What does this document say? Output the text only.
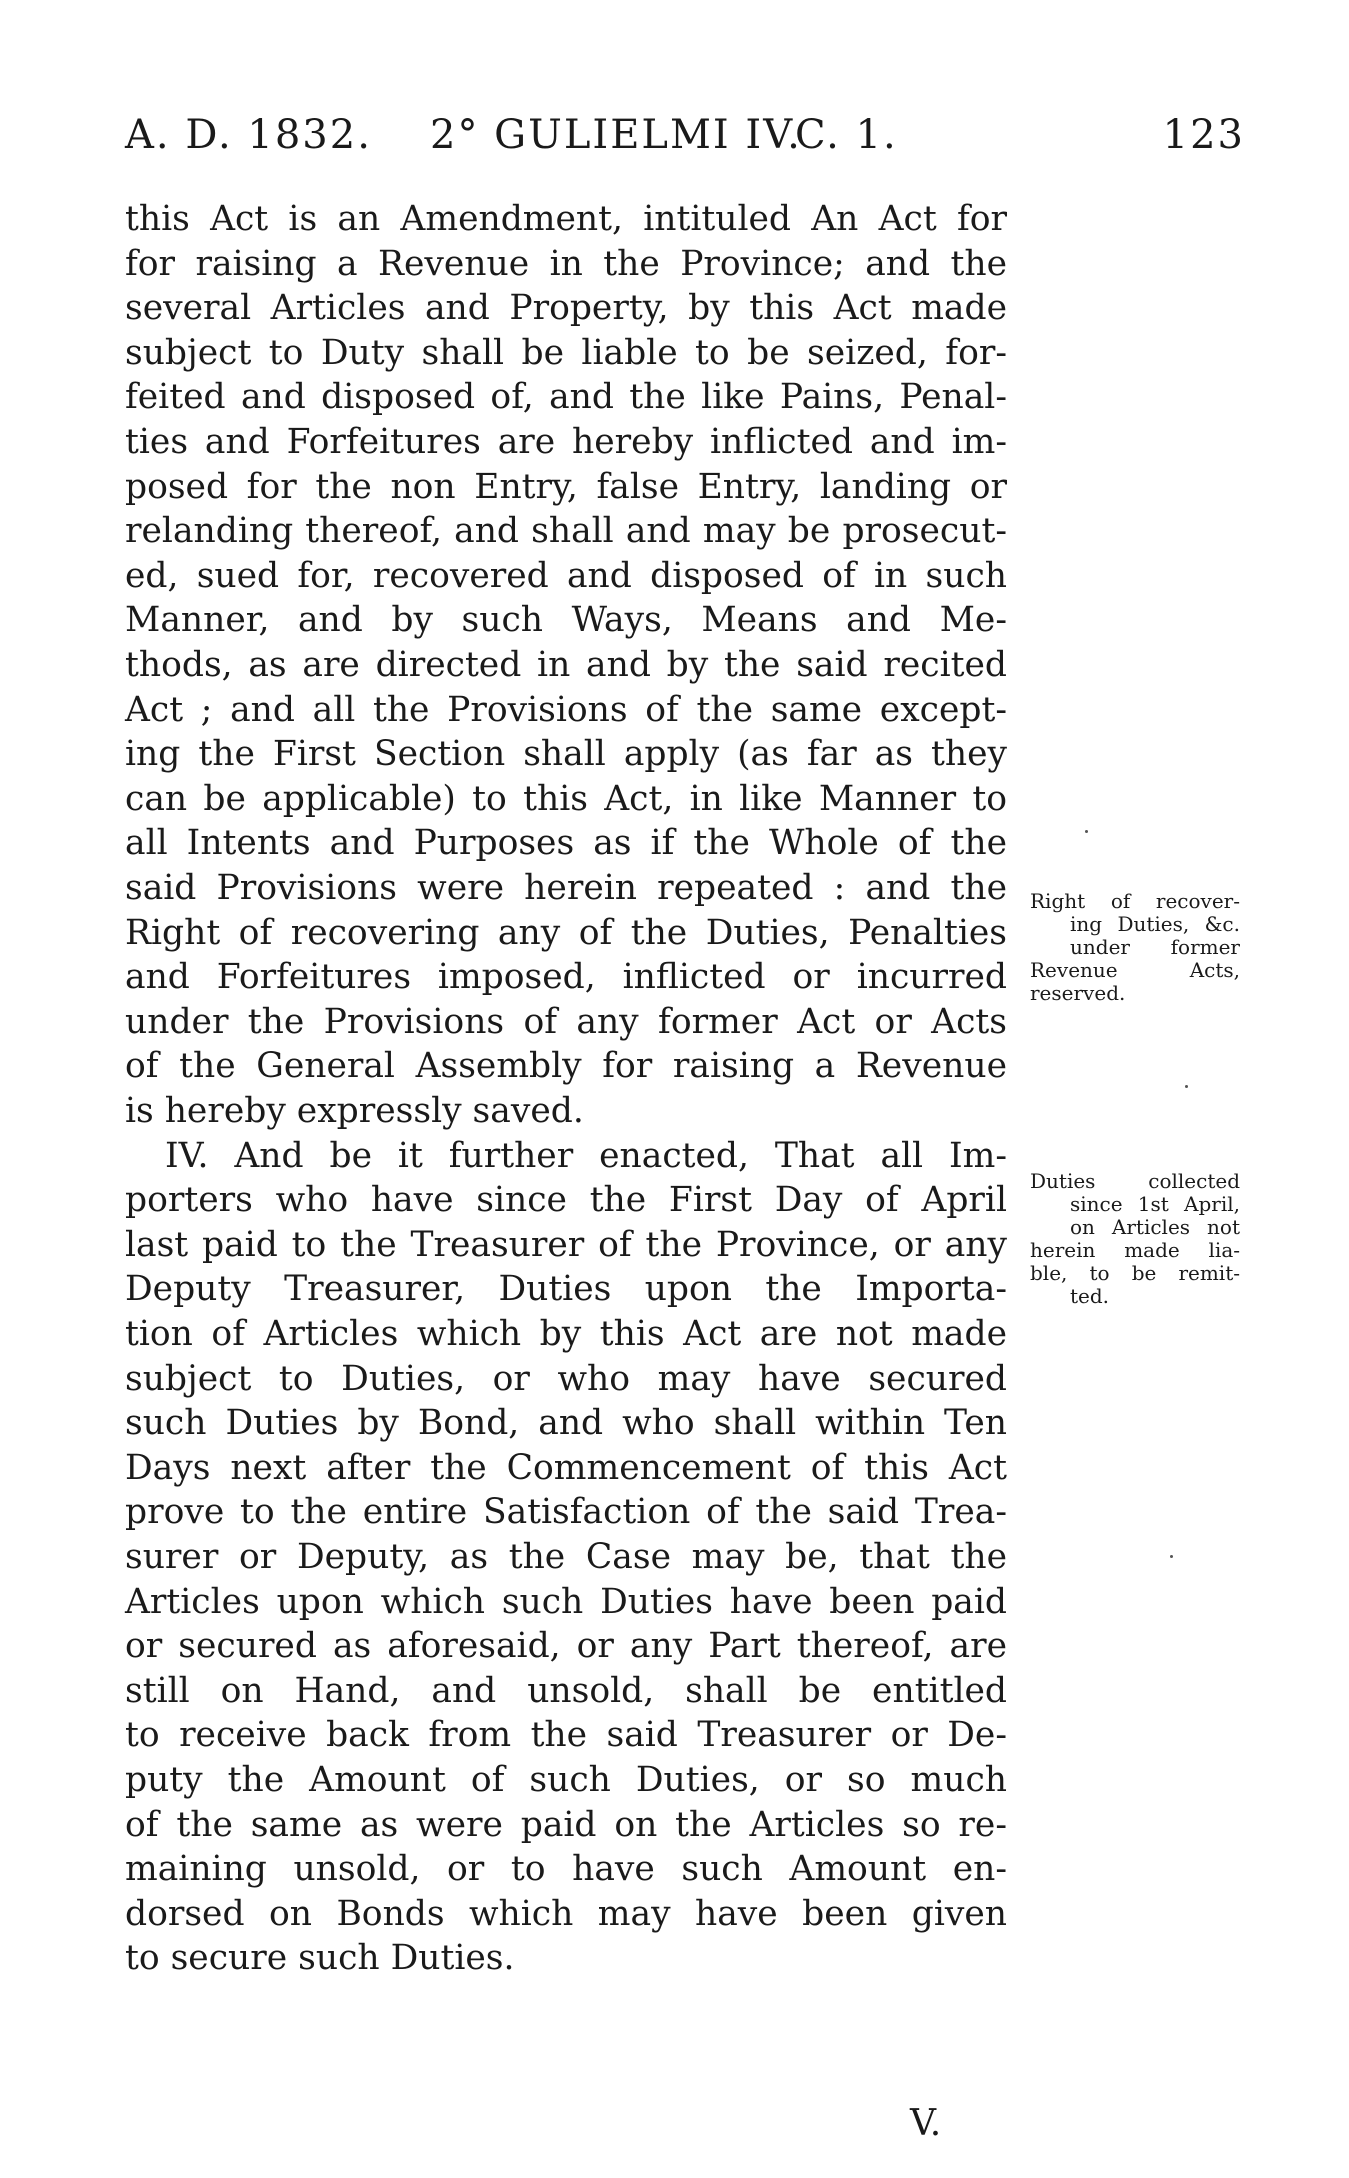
A. D. 1832. 2° GULIELMI IV.
C. 1.	123
this Act is an Amendment, intituled An Act for
for raising a Revenue in the Province; and the
several Articles and Property, by this Act made
subject to Duty shall be liable to be seized, for-
feited and disposed of, and the like Pains, Penal-
ties and Forfeitures are hereby inflicted and im-
posed for the non Entry, false Entry, landing or
relanding thereof, and shall and may be prosecut-
ed, sued for, recovered and disposed of in such
Manner, and by such Ways, Means and Me-
thods, as are directed in and by the said recited
Act ; and all the Provisions of the same except-
ing the First Section shall apply (as far as they
can be applicable) to this Act, in like Manner to
all Intents and Purposes as if the Whole of the
said Provisions were herein repeated : and the
Right of recovering any of the Duties, Penalties
and Forfeitures imposed, inflicted or incurred
under the Provisions of any former Act or Acts
of the General Assembly for raising a Revenue
is hereby expressly saved.
IV. And be it further enacted, That all Im-
porters who have since the First Day of April
last paid to the Treasurer of the Province, or any
Deputy Treasurer, Duties upon the Importa-
tion of Articles which by this Act are not made
subject to Duties, or who may have secured
such Duties by Bond, and who shall within Ten
Days next after the Commencement of this Act
prove to the entire Satisfaction of the said Trea-
surer or Deputy, as the Case may be, that the
Articles upon which such Duties have been paid
or secured as aforesaid, or any Part thereof, are
still on Hand, and unsold, shall be entitled
to receive back from the said Treasurer or De-
puty the Amount of such Duties, or so much
of the same as were paid on the Articles so re-
maining unsold, or to have such Amount en-
dorsed on Bonds which may have been given
to secure such Duties.
Right of recover-
ing Duties, &c.
under former
Revenue Acts,
reserved.
Duties collected
since 1st April,
on Articles not
herein made lia-
ble, to be remit-
ted.
V.
